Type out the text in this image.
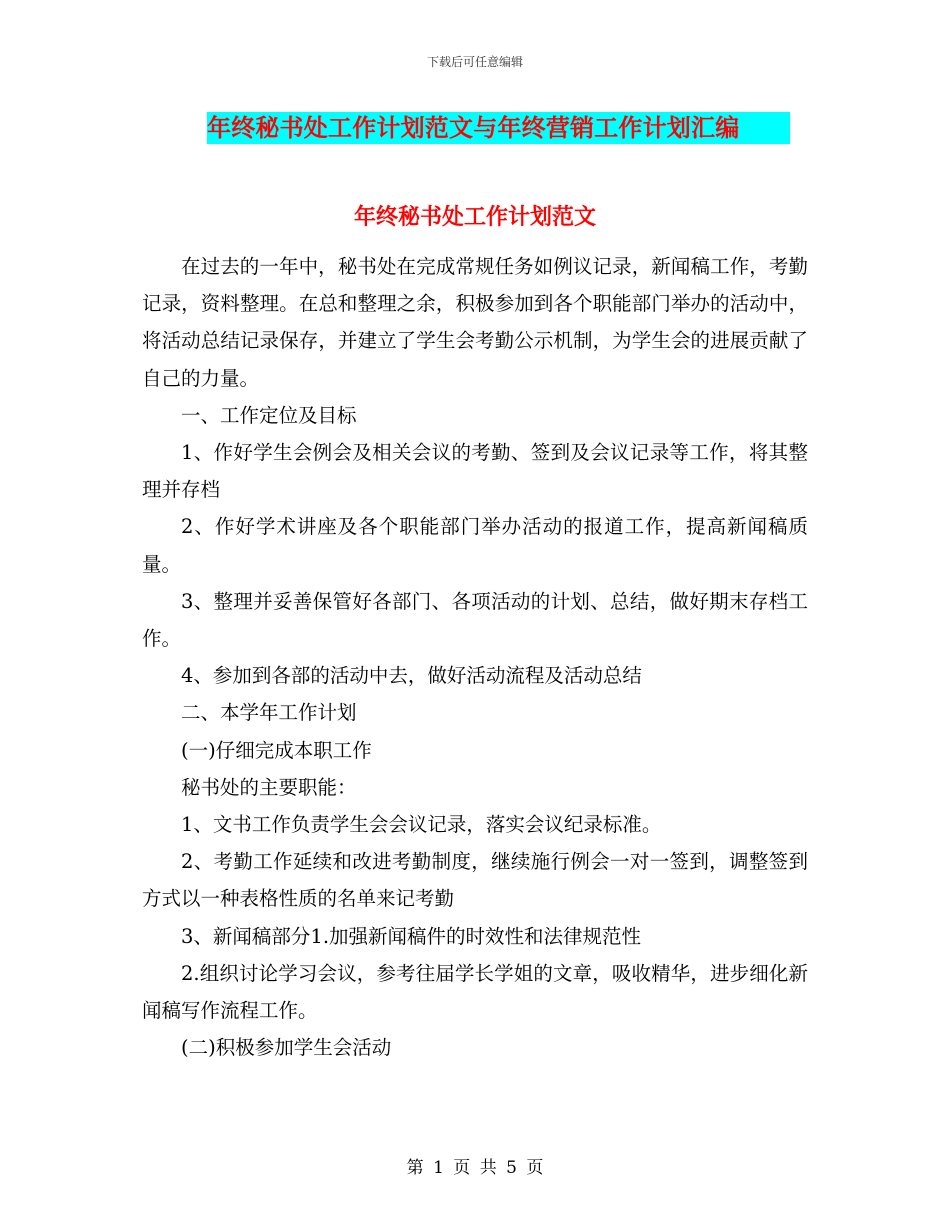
下载后可任意编辑
年终秘书处工作计划范文与年终营销工作计划汇编
年终秘书处工作计划范文

在过去的一年中，秘书处在完成常规任务如例议记录，新闻稿工作，考勤记录，资料整理。在总和整理之余，积极参加到各个职能部门举办的活动中，将活动总结记录保存，并建立了学生会考勤公示机制，为学生会的进展贡献了自己的力量。

一、工作定位及目标

1、作好学生会例会及相关会议的考勤、签到及会议记录等工作，将其整理并存档

2、作好学术讲座及各个职能部门举办活动的报道工作，提高新闻稿质量。

3、整理并妥善保管好各部门、各项活动的计划、总结，做好期末存档工作。

4、参加到各部的活动中去，做好活动流程及活动总结

二、本学年工作计划

(一)仔细完成本职工作

秘书处的主要职能：

1、文书工作负责学生会会议记录，落实会议纪录标准。

2、考勤工作延续和改进考勤制度，继续施行例会一对一签到，调整签到方式以一种表格性质的名单来记考勤

3、新闻稿部分1.加强新闻稿件的时效性和法律规范性

2.组织讨论学习会议，参考往届学长学姐的文章，吸收精华，进步细化新闻稿写作流程工作。

(二)积极参加学生会活动

第 1 页 共 5 页
